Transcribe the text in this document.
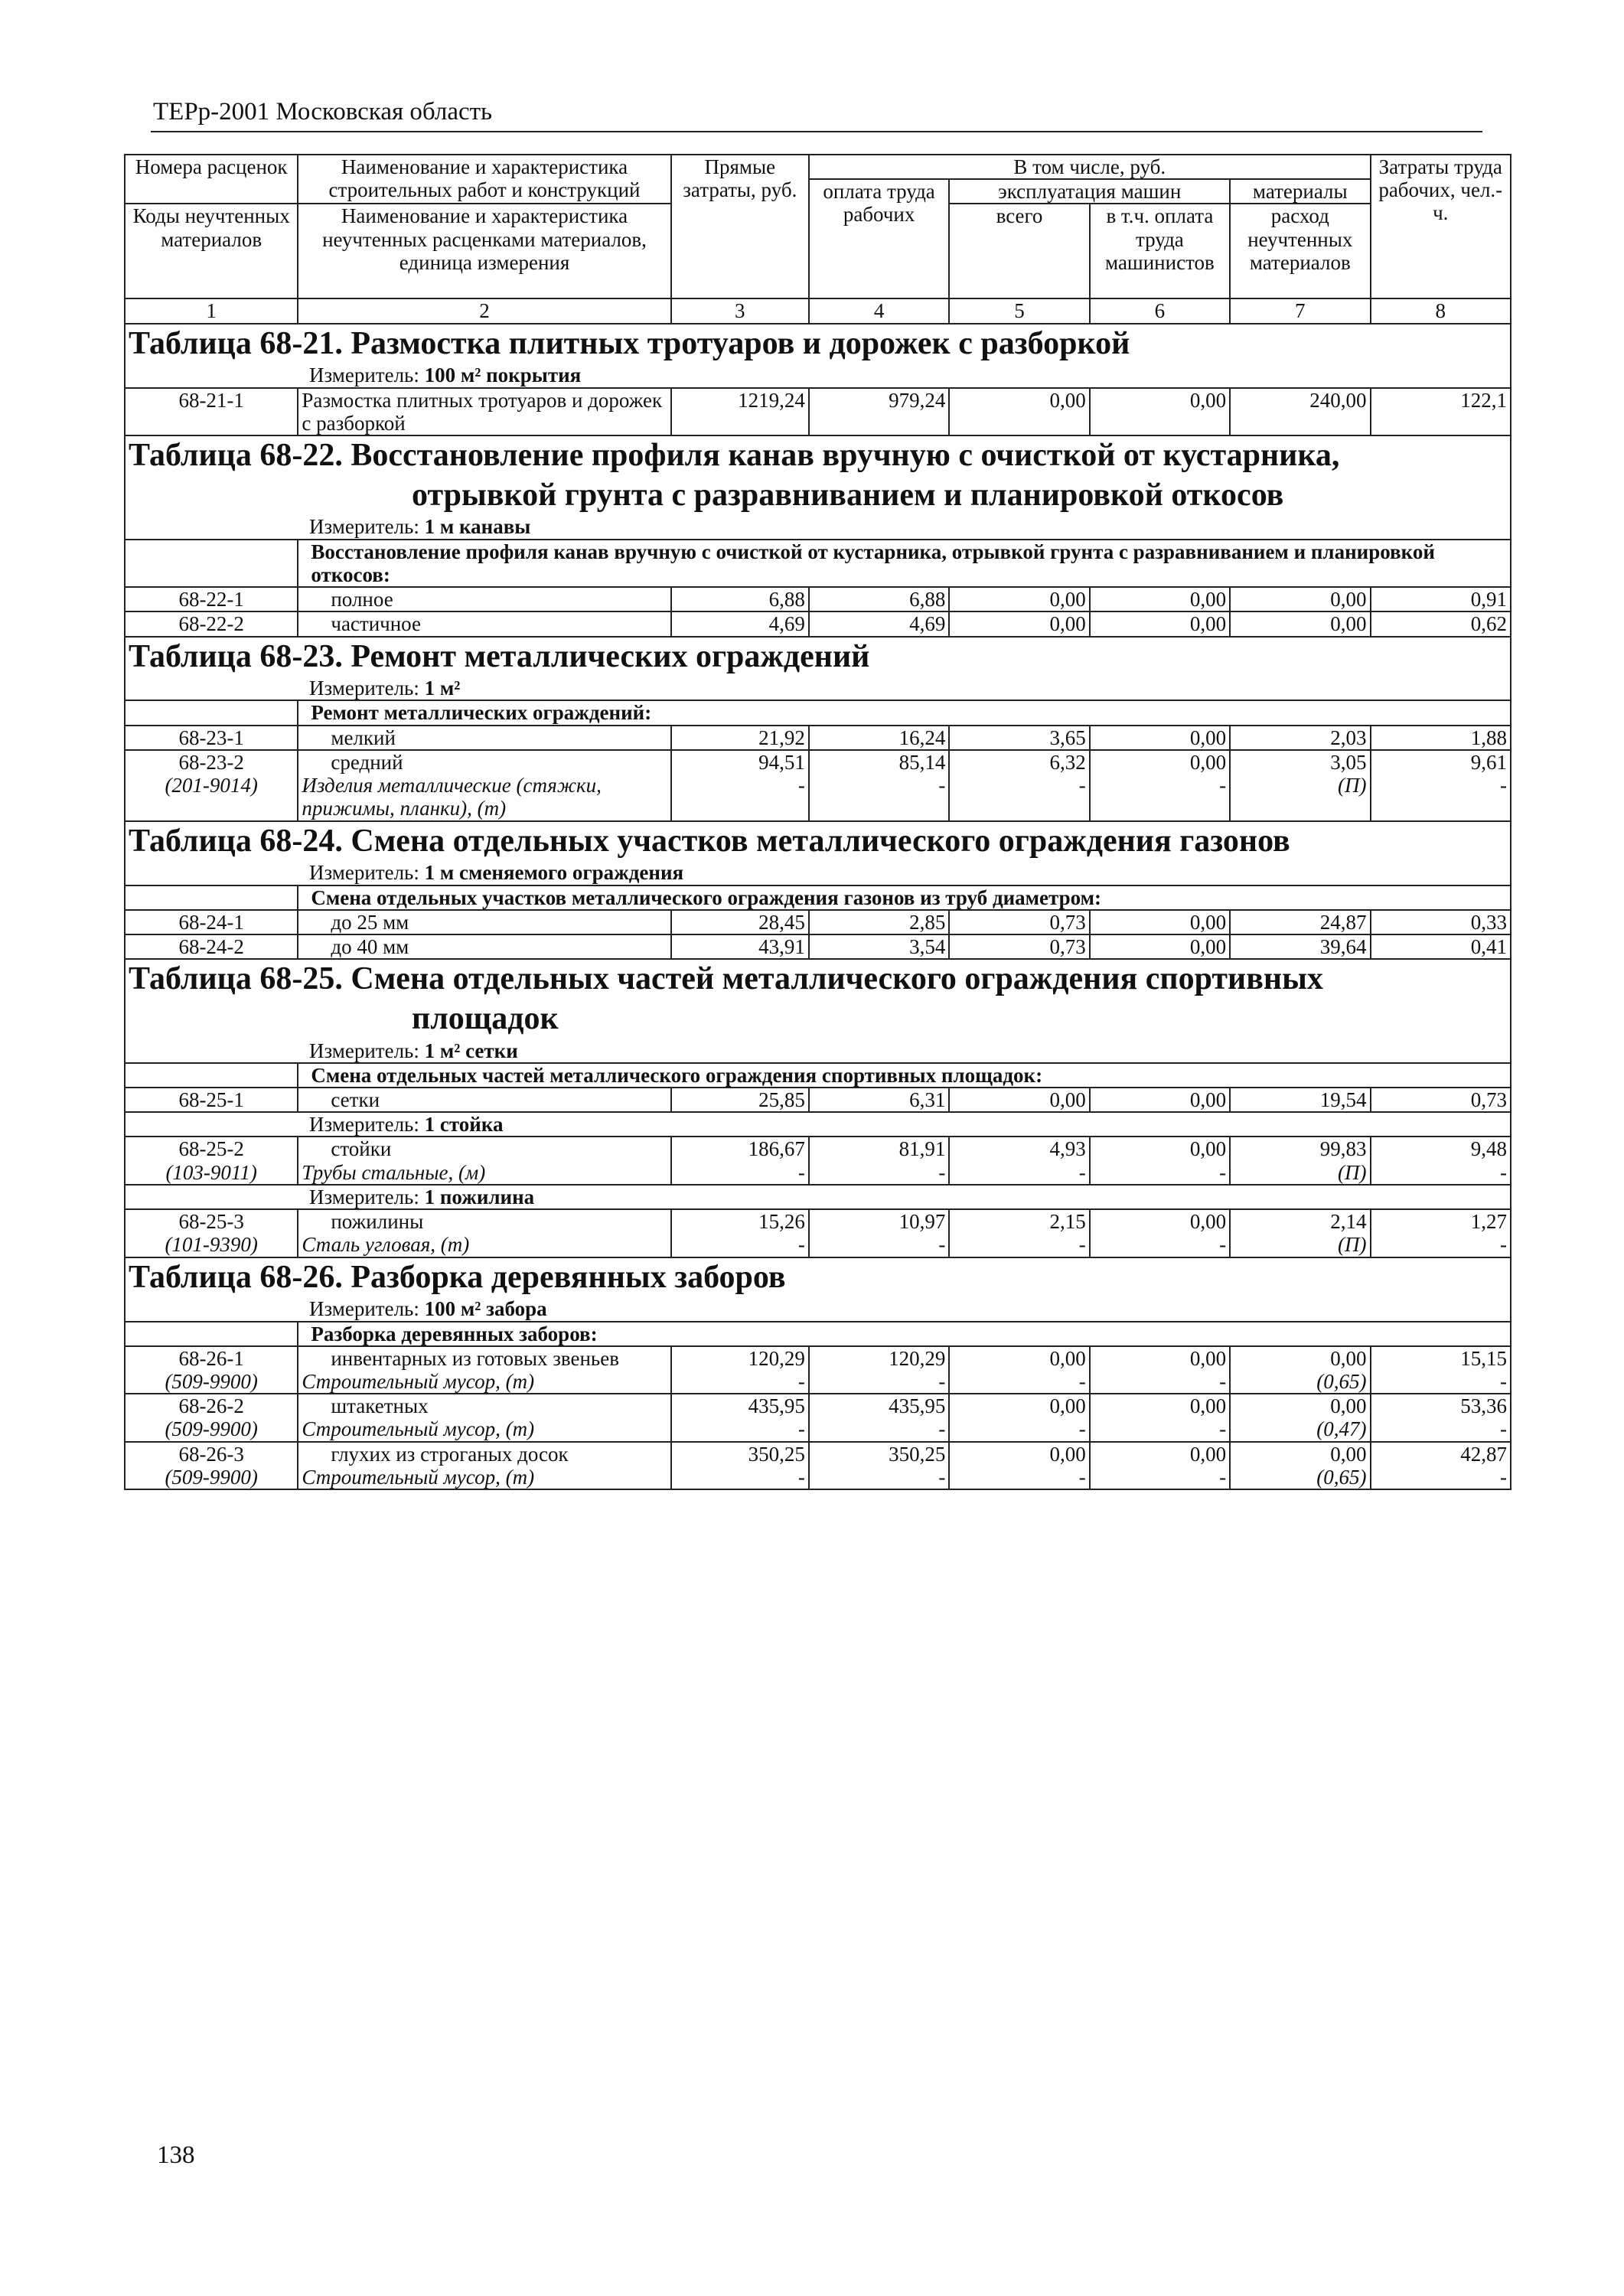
ТЕРр-2001 Московская область
Номера расценок	Наименование и характеристика строительных работ и конструкций	Прямые затраты, руб.	В том числе, руб.				Затраты труда рабочих, чел.-ч.
			оплата труда рабочих	эксплуатация машин		материалы	
Коды неучтенных материалов	Наименование и характеристика неучтенных расценками материалов, единица измерения			всего	в т.ч. оплата труда машинистов	расход неучтенных материалов	

1	2	3	4	5	6	7	8

Таблица 68-21. Размостка плитных тротуаров и дорожек с разборкой							

Измеритель: 100 м² покрытия							
68-21-1	Размостка плитных тротуаров и дорожек с разборкой	1219,24	979,24	0,00	0,00	240,00	122,1

Таблица 68-22. Восстановление профиля канав вручную с очисткой от кустарника,
отрывкой грунта с разравниванием и планировкой откосов							

Измеритель: 1 м канавы							
	Восстановление профиля канав вручную с очисткой от кустарника, отрывкой грунта с разравниванием и планировкой откосов:						
68-22-1	полное	6,88	6,88	0,00	0,00	0,00	0,91
68-22-2	частичное	4,69	4,69	0,00	0,00	0,00	0,62

Таблица 68-23. Ремонт металлических ограждений							

Измеритель: 1 м²							
	Ремонт металлических ограждений:						
68-23-1	мелкий	21,92	16,24	3,65	0,00	2,03	1,88
68-23-2	средний	94,51	85,14	6,32	0,00	3,05	9,61
(201-9014)	Изделия металлические (стяжки, прижимы, планки), (т)	-	-	-	-	(П)	-

Таблица 68-24. Смена отдельных участков металлического ограждения газонов							

Измеритель: 1 м сменяемого ограждения							
	Смена отдельных участков металлического ограждения газонов из труб диаметром:						
68-24-1	до 25 мм	28,45	2,85	0,73	0,00	24,87	0,33
68-24-2	до 40 мм	43,91	3,54	0,73	0,00	39,64	0,41

Таблица 68-25. Смена отдельных частей металлического ограждения спортивных
площадок							

Измеритель: 1 м² сетки							
	Смена отдельных частей металлического ограждения спортивных площадок:						
68-25-1	сетки	25,85	6,31	0,00	0,00	19,54	0,73
Измеритель: 1 стойка							
68-25-2	стойки	186,67	81,91	4,93	0,00	99,83	9,48
(103-9011)	Трубы стальные, (м)	-	-	-	-	(П)	-
Измеритель: 1 пожилина							
68-25-3	пожилины	15,26	10,97	2,15	0,00	2,14	1,27
(101-9390)	Сталь угловая, (т)	-	-	-	-	(П)	-

Таблица 68-26. Разборка деревянных заборов							

Измеритель: 100 м² забора							
	Разборка деревянных заборов:						
68-26-1	инвентарных из готовых звеньев	120,29	120,29	0,00	0,00	0,00	15,15
(509-9900)	Строительный мусор, (т)	-	-	-	-	(0,65)	-
68-26-2	штакетных	435,95	435,95	0,00	0,00	0,00	53,36
(509-9900)	Строительный мусор, (т)	-	-	-	-	(0,47)	-
68-26-3	глухих из строганых досок	350,25	350,25	0,00	0,00	0,00	42,87
(509-9900)	Строительный мусор, (т)	-	-	-	-	(0,65)	-
138
